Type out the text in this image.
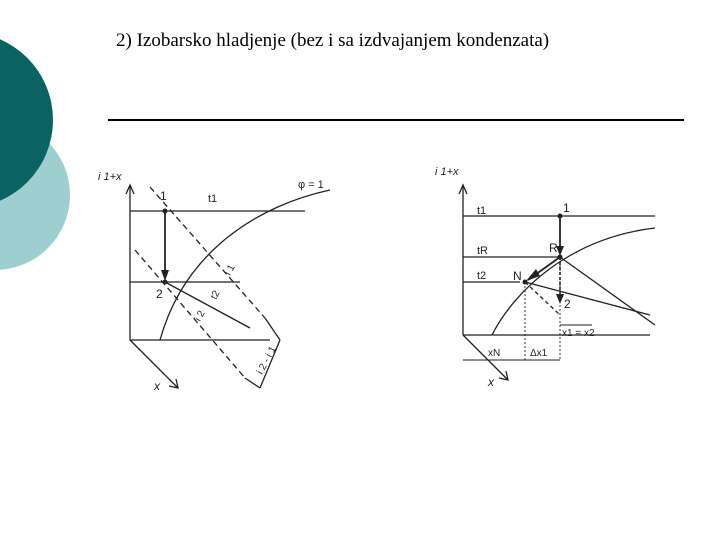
2) Izobarsko hladjenje (bez i sa izdvajanjem kondenzata)
i 1+x
x
t1
φ = 1
1
2
i 1
t2
i 2
i 2 - i 1
i 1+x
x
t1
tR
t2
1
R
N
2
x1 = x2
xN	Δx1
